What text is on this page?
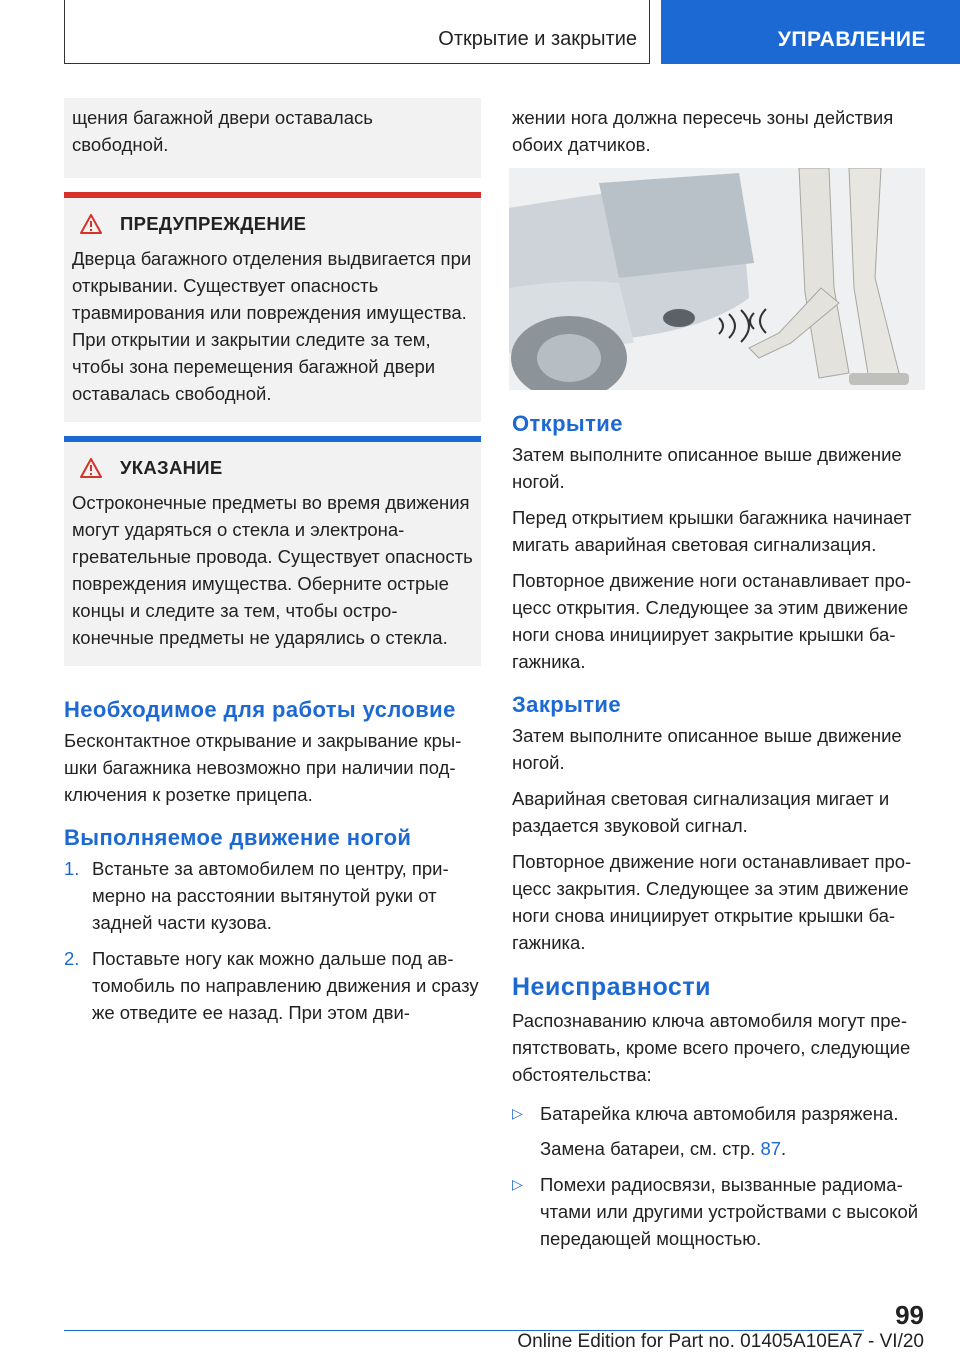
Открытие и закрытие	УПРАВЛЕНИЕ

щения багажной двери оставалась свободной.

ПРЕДУПРЕЖДЕНИЕ

Дверца багажного отделения выдвигается при открывании. Существует опасность травмирования или повреждения имущества. При открытии и закрытии следите за тем, чтобы зона перемещения багажной двери оставалась свободной.

УКАЗАНИЕ

Остроконечные предметы во время движения могут ударяться о стекла и электронагревательные провода. Существует опасность повреждения имущества. Оберните острые концы и следите за тем, чтобы остроконечные предметы не ударялись о стекла.

Необходимое для работы условие

Бесконтактное открывание и закрывание крышки багажника невозможно при наличии подключения к розетке прицепа.

Выполняемое движение ногой
1. Встаньте за автомобилем по центру, примерно на расстоянии вытянутой руки от задней части кузова.
2. Поставьте ногу как можно дальше под автомобиль по направлению движения и сразу же отведите ее назад. При этом дви-

жении нога должна пересечь зоны действия обоих датчиков.

Открытие

Затем выполните описанное выше движение ногой.

Перед открытием крышки багажника начинает мигать аварийная световая сигнализация.

Повторное движение ноги останавливает процесс открытия. Следующее за этим движение ноги снова инициирует закрытие крышки багажника.

Закрытие

Затем выполните описанное выше движение ногой.

Аварийная световая сигнализация мигает и раздается звуковой сигнал.

Повторное движение ноги останавливает процесс закрытия. Следующее за этим движение ноги снова инициирует открытие крышки багажника.

Неисправности

Распознаванию ключа автомобиля могут препятствовать, кроме всего прочего, следующие обстоятельства:

▷ Батарейка ключа автомобиля разряжена.

Замена батареи, см. стр. 87.

▷ Помехи радиосвязи, вызванные радиомачтами или другими устройствами с высокой передающей мощностью.
99
Online Edition for Part no. 01405A10EA7 - VI/20
